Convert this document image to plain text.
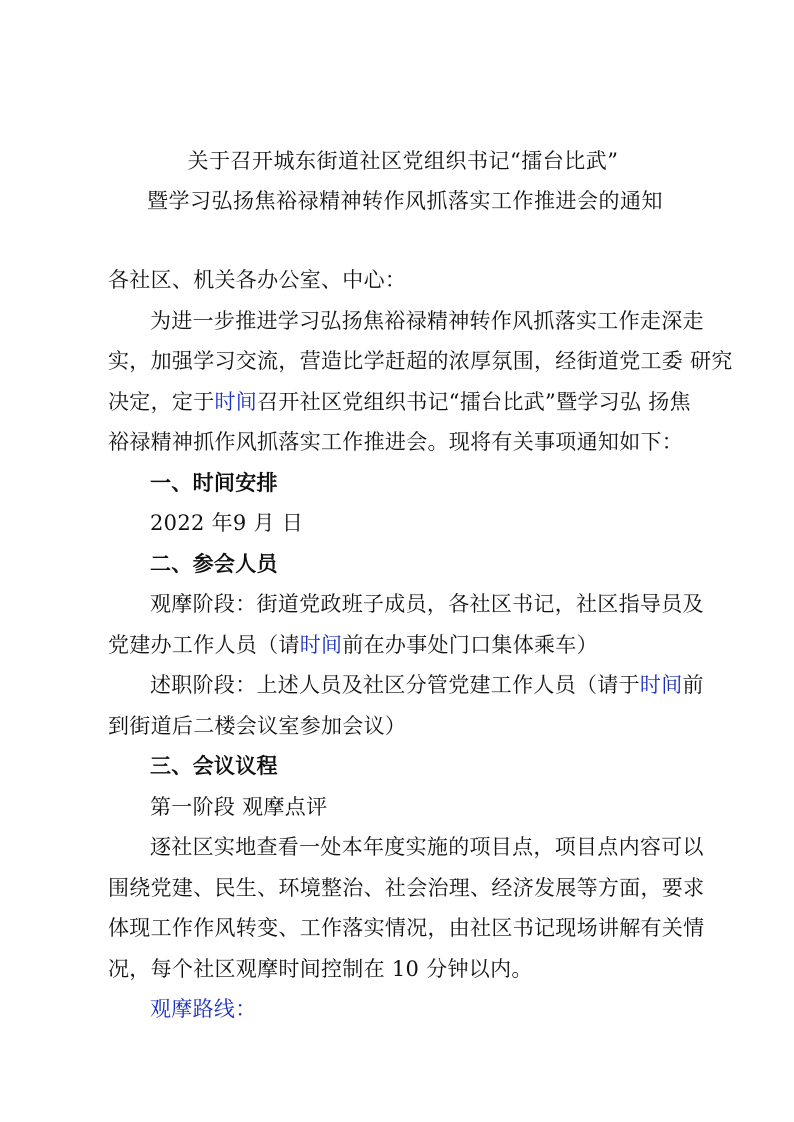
关于召开城东街道社区党组织书记“擂台比武”
暨学习弘扬焦裕禄精神转作风抓落实工作推进会的通知
各社区、机关各办公室、中心：
为进一步推进学习弘扬焦裕禄精神转作风抓落实工作走深走
实，加强学习交流，营造比学赶超的浓厚氛围，经街道党工委 研究
决定，定于时间召开社区党组织书记“擂台比武”暨学习弘 扬焦
裕禄精神抓作风抓落实工作推进会。现将有关事项通知如下：
一、时间安排
2022 年9 月 日
二、参会人员
观摩阶段：街道党政班子成员，各社区书记，社区指导员及
党建办工作人员（请时间前在办事处门口集体乘车）
述职阶段：上述人员及社区分管党建工作人员（请于时间前
到街道后二楼会议室参加会议）
三、会议议程
第一阶段 观摩点评
逐社区实地查看一处本年度实施的项目点，项目点内容可以
围绕党建、民生、环境整治、社会治理、经济发展等方面，要求
体现工作作风转变、工作落实情况，由社区书记现场讲解有关情
况，每个社区观摩时间控制在 10 分钟以内。
观摩路线：
